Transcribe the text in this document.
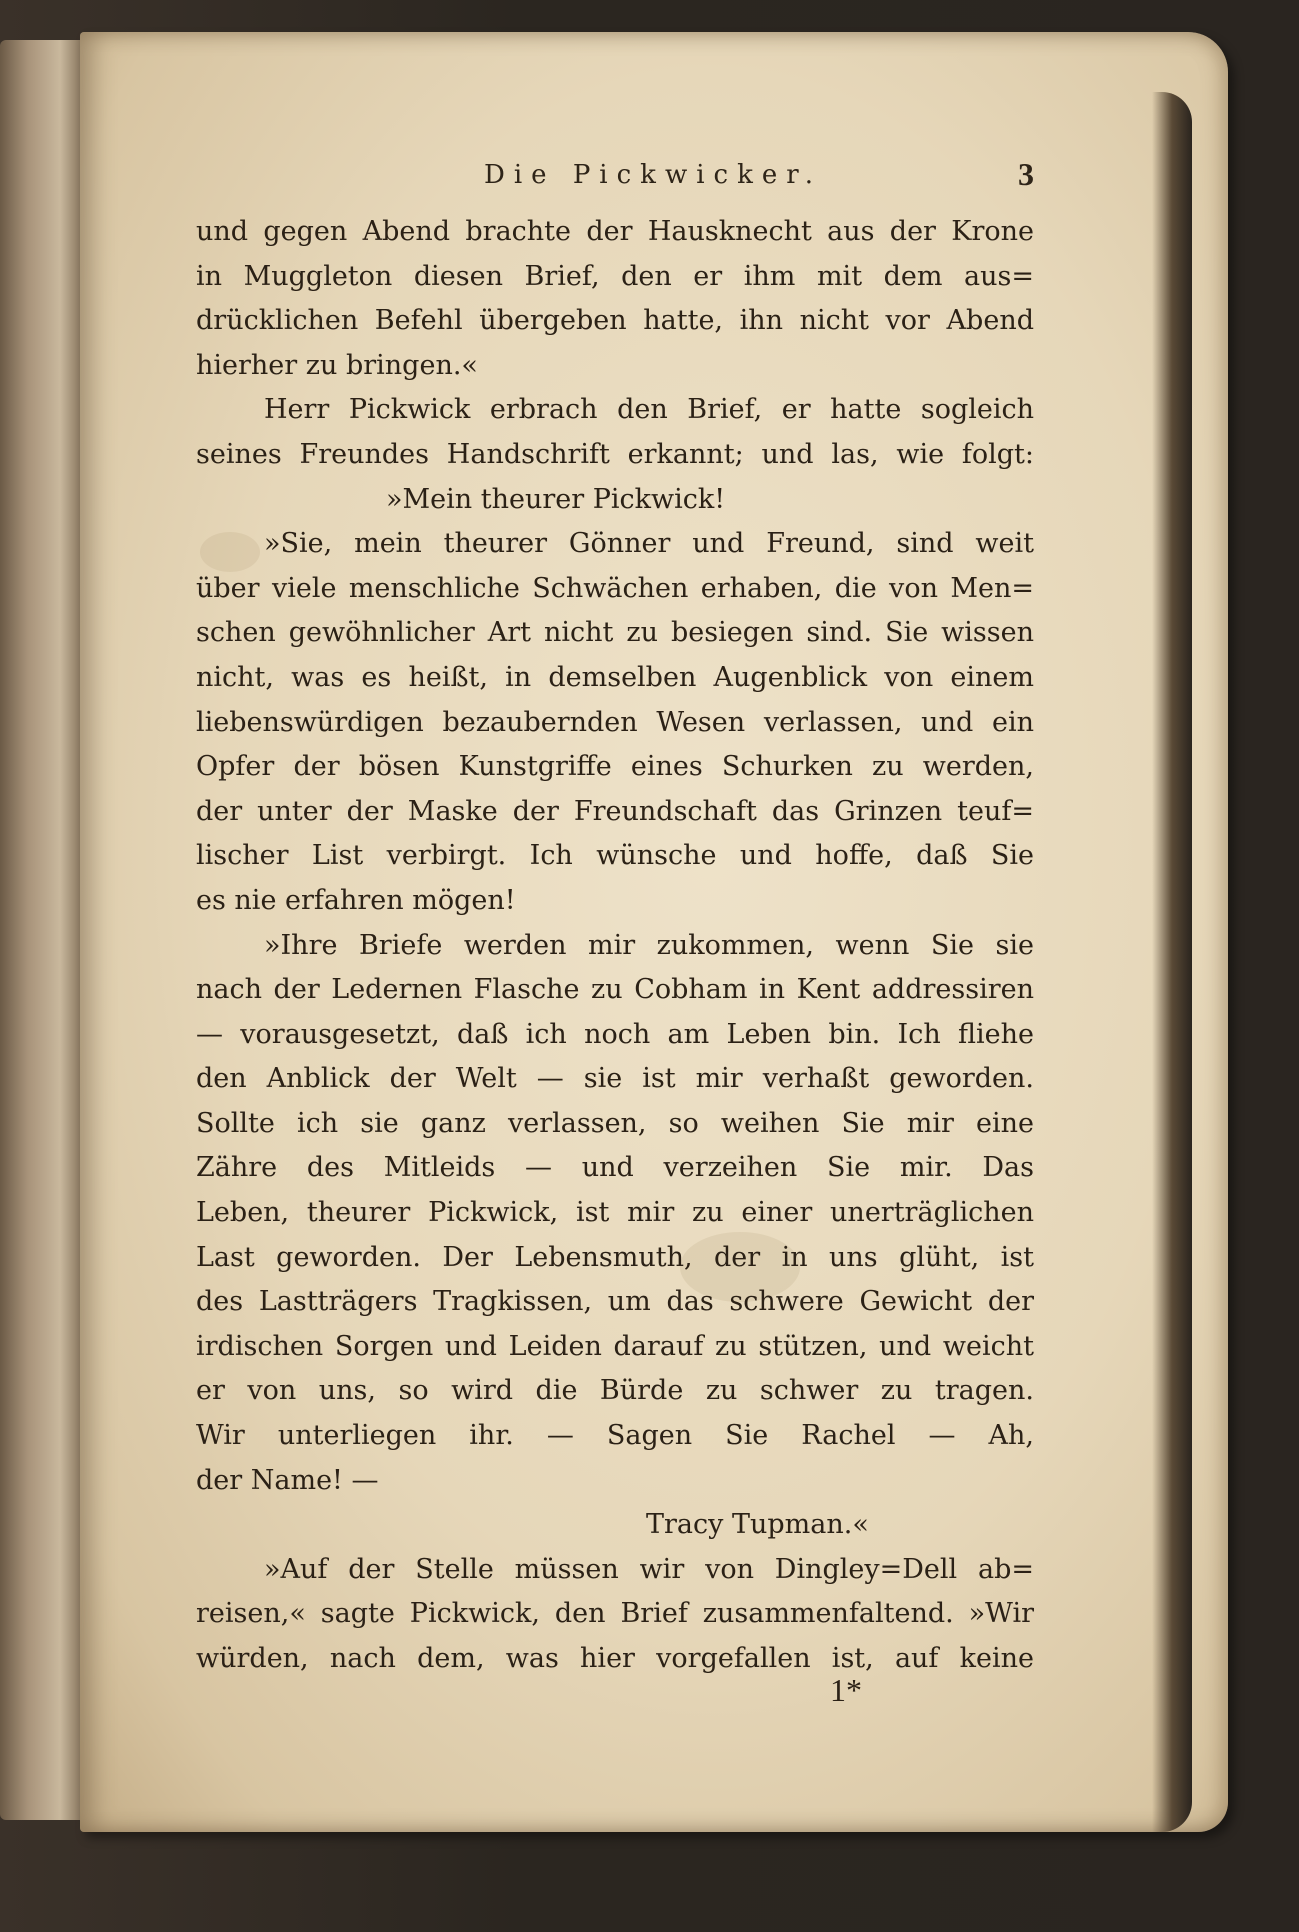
Die Pickwicker.	3
und gegen Abend brachte der Hausknecht aus der Krone
in Muggleton diesen Brief, den er ihm mit dem aus=
drücklichen Befehl übergeben hatte, ihn nicht vor Abend
hierher zu bringen.«
Herr Pickwick erbrach den Brief, er hatte sogleich
seines Freundes Handschrift erkannt; und las, wie folgt:
»Mein theurer Pickwick!
»Sie, mein theurer Gönner und Freund, sind weit
über viele menschliche Schwächen erhaben, die von Men=
schen gewöhnlicher Art nicht zu besiegen sind. Sie wissen
nicht, was es heißt, in demselben Augenblick von einem
liebenswürdigen bezaubernden Wesen verlassen, und ein
Opfer der bösen Kunstgriffe eines Schurken zu werden,
der unter der Maske der Freundschaft das Grinzen teuf=
lischer List verbirgt. Ich wünsche und hoffe, daß Sie
es nie erfahren mögen!
»Ihre Briefe werden mir zukommen, wenn Sie sie
nach der Ledernen Flasche zu Cobham in Kent addressiren
— vorausgesetzt, daß ich noch am Leben bin. Ich fliehe
den Anblick der Welt — sie ist mir verhaßt geworden.
Sollte ich sie ganz verlassen, so weihen Sie mir eine
Zähre des Mitleids — und verzeihen Sie mir. Das
Leben, theurer Pickwick, ist mir zu einer unerträglichen
Last geworden. Der Lebensmuth, der in uns glüht, ist
des Lastträgers Tragkissen, um das schwere Gewicht der
irdischen Sorgen und Leiden darauf zu stützen, und weicht
er von uns, so wird die Bürde zu schwer zu tragen.
Wir unterliegen ihr. — Sagen Sie Rachel — Ah,
der Name! —
Tracy Tupman.«
»Auf der Stelle müssen wir von Dingley=Dell ab=
reisen,« sagte Pickwick, den Brief zusammenfaltend. »Wir
würden, nach dem, was hier vorgefallen ist, auf keine
1*
